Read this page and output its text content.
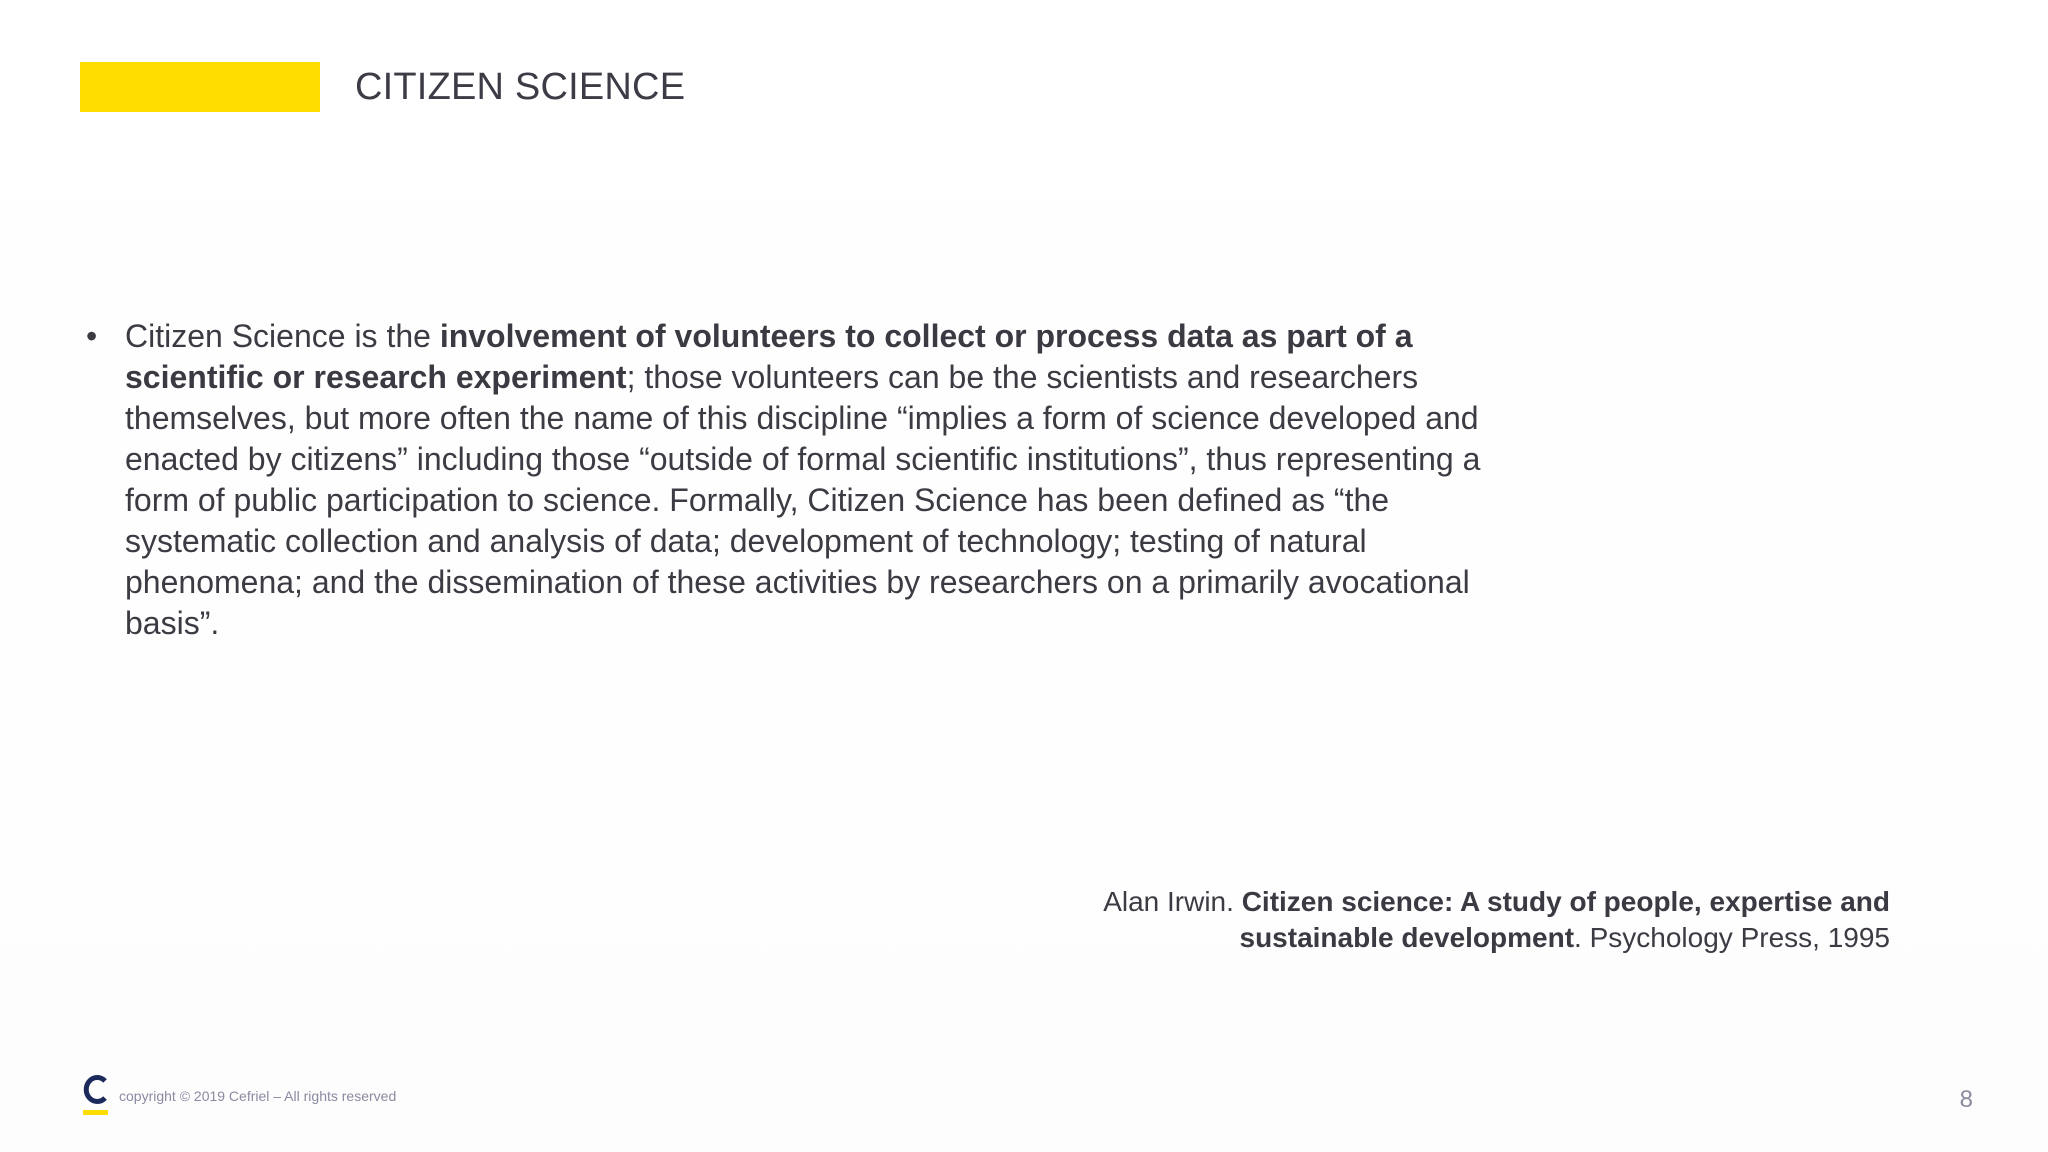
CITIZEN SCIENCE
• Citizen Science is the involvement of volunteers to collect or process data as part of a scientific or research experiment; those volunteers can be the scientists and researchers themselves, but more often the name of this discipline “implies a form of science developed and enacted by citizens” including those “outside of formal scientific institutions”, thus representing a form of public participation to science. Formally, Citizen Science has been defined as “the systematic collection and analysis of data; development of technology; testing of natural phenomena; and the dissemination of these activities by researchers on a primarily avocational basis”.
Alan Irwin. Citizen science: A study of people, expertise and sustainable development. Psychology Press, 1995
copyright © 2019 Cefriel – All rights reserved	8
